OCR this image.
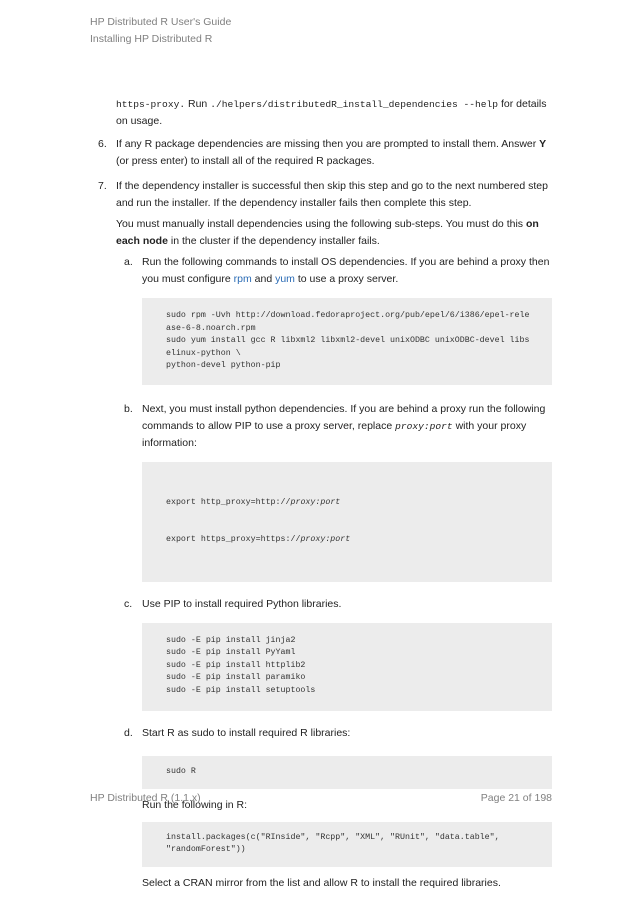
HP Distributed R User's Guide
Installing HP Distributed R
https-proxy. Run ./helpers/distributedR_install_dependencies --help for details on usage.
6. If any R package dependencies are missing then you are prompted to install them. Answer Y (or press enter) to install all of the required R packages.
7. If the dependency installer is successful then skip this step and go to the next numbered step and run the installer. If the dependency installer fails then complete this step.
You must manually install dependencies using the following sub-steps. You must do this on each node in the cluster if the dependency installer fails.
a. Run the following commands to install OS dependencies. If you are behind a proxy then you must configure rpm and yum to use a proxy server.
sudo rpm -Uvh http://download.fedoraproject.org/pub/epel/6/i386/epel-release-6-8.noarch.rpm
sudo yum install gcc R libxml2 libxml2-devel unixODBC unixODBC-devel libselinux-python \
python-devel python-pip
b. Next, you must install python dependencies. If you are behind a proxy run the following commands to allow PIP to use a proxy server, replace proxy:port with your proxy information:

export http_proxy=http://proxy:port

export https_proxy=https://proxy:port

c. Use PIP to install required Python libraries.
sudo -E pip install jinja2
sudo -E pip install PyYaml
sudo -E pip install httplib2
sudo -E pip install paramiko
sudo -E pip install setuptools
d. Start R as sudo to install required R libraries:
sudo R
Run the following in R:
install.packages(c("RInside", "Rcpp", "XML", "RUnit", "data.table",
"randomForest"))
Select a CRAN mirror from the list and allow R to install the required libraries.
HP Distributed R (1.1.x)	Page 21 of 198
